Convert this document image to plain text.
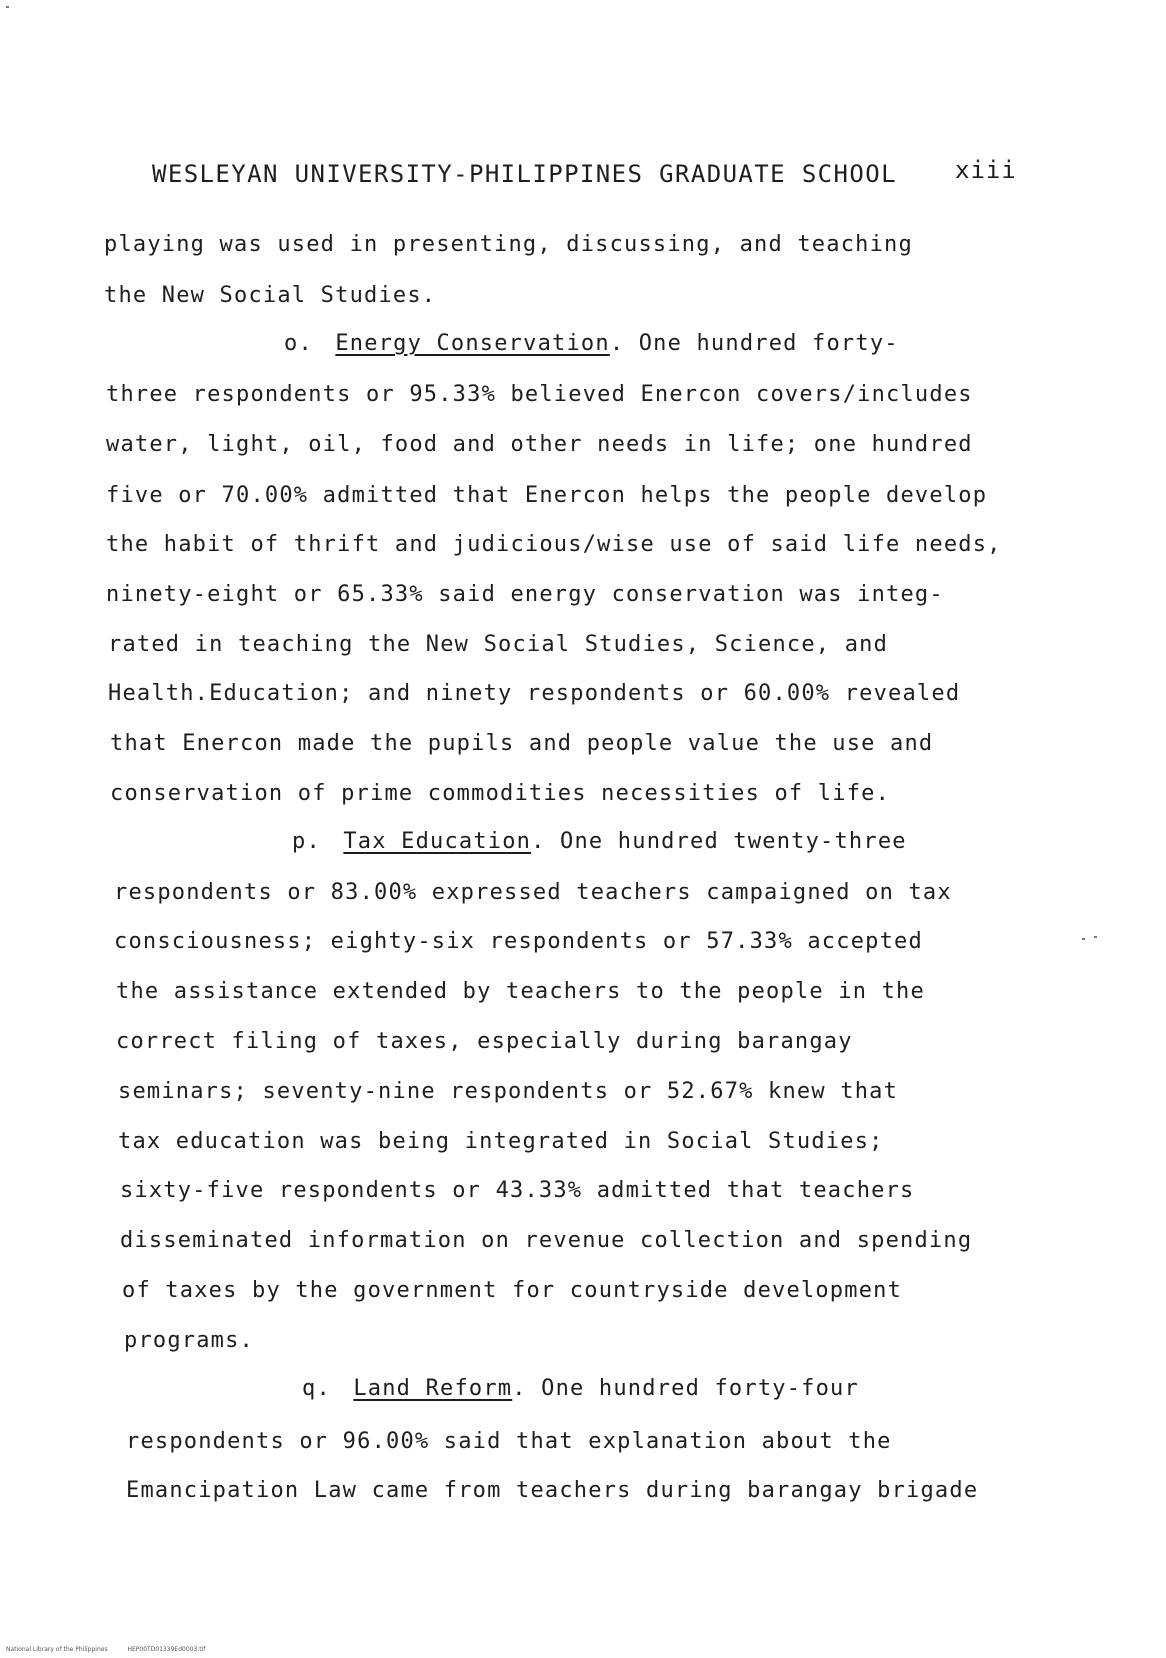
WESLEYAN UNIVERSITY-PHILIPPINES GRADUATE SCHOOL xiii
playing was used in presenting, discussing, and teaching
the New Social Studies.
o. Energy Conservation. One hundred forty-
three respondents or 95.33% believed Enercon covers/includes
water, light, oil, food and other needs in life; one hundred
five or 70.00% admitted that Enercon helps the people develop
the habit of thrift and judicious/wise use of said life needs,
ninety-eight or 65.33% said energy conservation was integ-
rated in teaching the New Social Studies, Science, and
Health.Education; and ninety respondents or 60.00% revealed
that Enercon made the pupils and people value the use and
conservation of prime commodities necessities of life.
p. Tax Education. One hundred twenty-three
respondents or 83.00% expressed teachers campaigned on tax
consciousness; eighty-six respondents or 57.33% accepted
the assistance extended by teachers to the people in the
correct filing of taxes, especially during barangay
seminars; seventy-nine respondents or 52.67% knew that
tax education was being integrated in Social Studies;
sixty-five respondents or 43.33% admitted that teachers
disseminated information on revenue collection and spending
of taxes by the government for countryside development
programs.
q. Land Reform. One hundred forty-four
respondents or 96.00% said that explanation about the
Emancipation Law came from teachers during barangay brigade
National Library of the Philippines	HEP00TD01339Ed0003.tif
